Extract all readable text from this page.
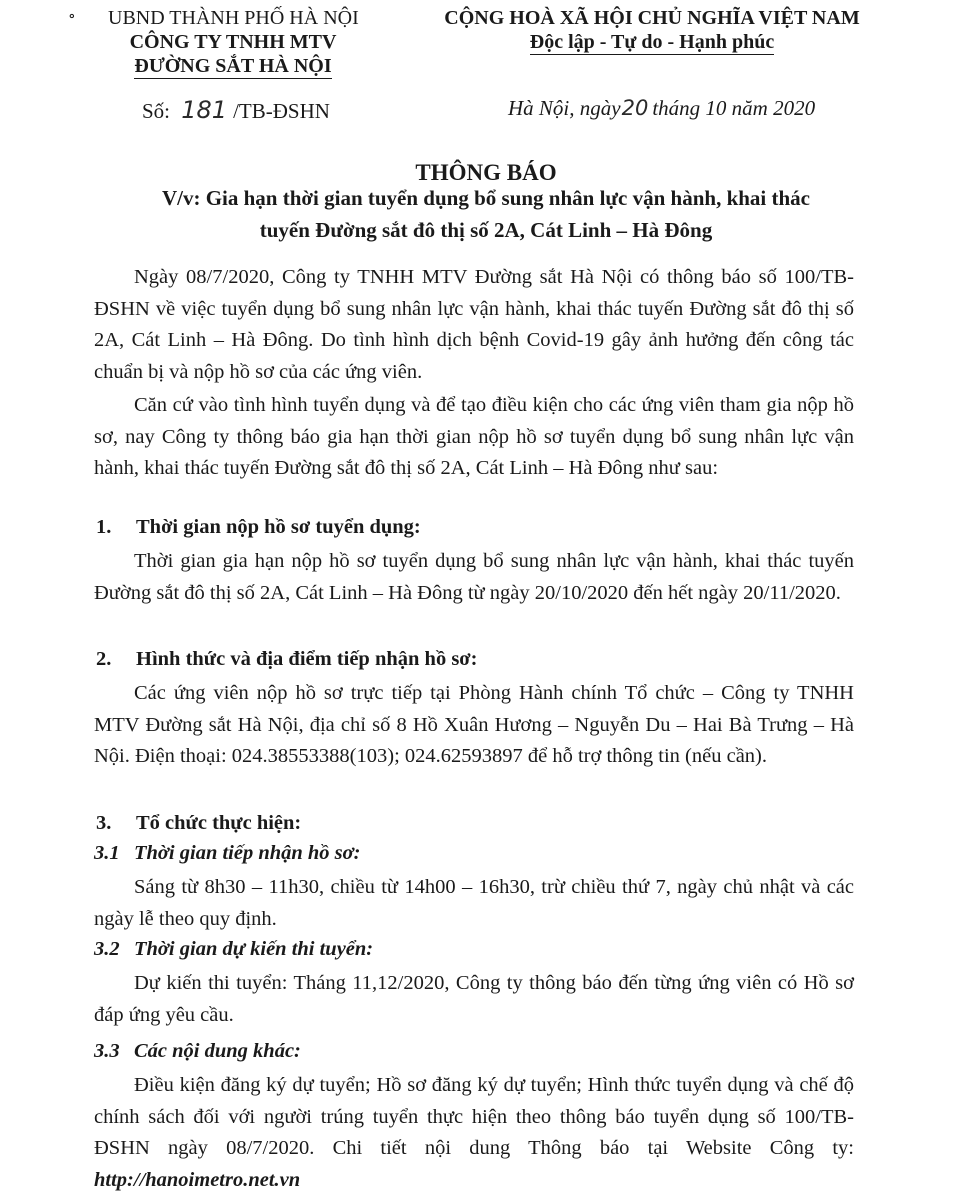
∘ UBND THÀNH PHỐ HÀ NỘI
CÔNG TY TNHH MTV
ĐƯỜNG SẮT HÀ NỘI
CỘNG HOÀ XÃ HỘI CHỦ NGHĨA VIỆT NAM
Độc lập - Tự do - Hạnh phúc
Số: 181 /TB-ĐSHN	Hà Nội, ngày20 tháng 10 năm 2020
THÔNG BÁO
V/v: Gia hạn thời gian tuyển dụng bổ sung nhân lực vận hành, khai thác
tuyến Đường sắt đô thị số 2A, Cát Linh – Hà Đông

Ngày 08/7/2020, Công ty TNHH MTV Đường sắt Hà Nội có thông báo số 100/TB-ĐSHN về việc tuyển dụng bổ sung nhân lực vận hành, khai thác tuyến Đường sắt đô thị số 2A, Cát Linh – Hà Đông. Do tình hình dịch bệnh Covid-19 gây ảnh hưởng đến công tác chuẩn bị và nộp hồ sơ của các ứng viên.

Căn cứ vào tình hình tuyển dụng và để tạo điều kiện cho các ứng viên tham gia nộp hồ sơ, nay Công ty thông báo gia hạn thời gian nộp hồ sơ tuyển dụng bổ sung nhân lực vận hành, khai thác tuyến Đường sắt đô thị số 2A, Cát Linh – Hà Đông như sau:

1. Thời gian nộp hồ sơ tuyển dụng:

Thời gian gia hạn nộp hồ sơ tuyển dụng bổ sung nhân lực vận hành, khai thác tuyến Đường sắt đô thị số 2A, Cát Linh – Hà Đông từ ngày 20/10/2020 đến hết ngày 20/11/2020.

2. Hình thức và địa điểm tiếp nhận hồ sơ:

Các ứng viên nộp hồ sơ trực tiếp tại Phòng Hành chính Tổ chức – Công ty TNHH MTV Đường sắt Hà Nội, địa chỉ số 8 Hồ Xuân Hương – Nguyễn Du – Hai Bà Trưng – Hà Nội. Điện thoại: 024.38553388(103); 024.62593897 để hỗ trợ thông tin (nếu cần).

3. Tổ chức thực hiện:
3.1 Thời gian tiếp nhận hồ sơ:

Sáng từ 8h30 – 11h30, chiều từ 14h00 – 16h30, trừ chiều thứ 7, ngày chủ nhật và các ngày lễ theo quy định.

3.2 Thời gian dự kiến thi tuyển:

Dự kiến thi tuyển: Tháng 11,12/2020, Công ty thông báo đến từng ứng viên có Hồ sơ đáp ứng yêu cầu.

3.3 Các nội dung khác:

Điều kiện đăng ký dự tuyển; Hồ sơ đăng ký dự tuyển; Hình thức tuyển dụng và chế độ chính sách đối với người trúng tuyển thực hiện theo thông báo tuyển dụng số 100/TB-ĐSHN ngày 08/7/2020. Chi tiết nội dung Thông báo tại Website Công ty: http://hanoimetro.net.vn
